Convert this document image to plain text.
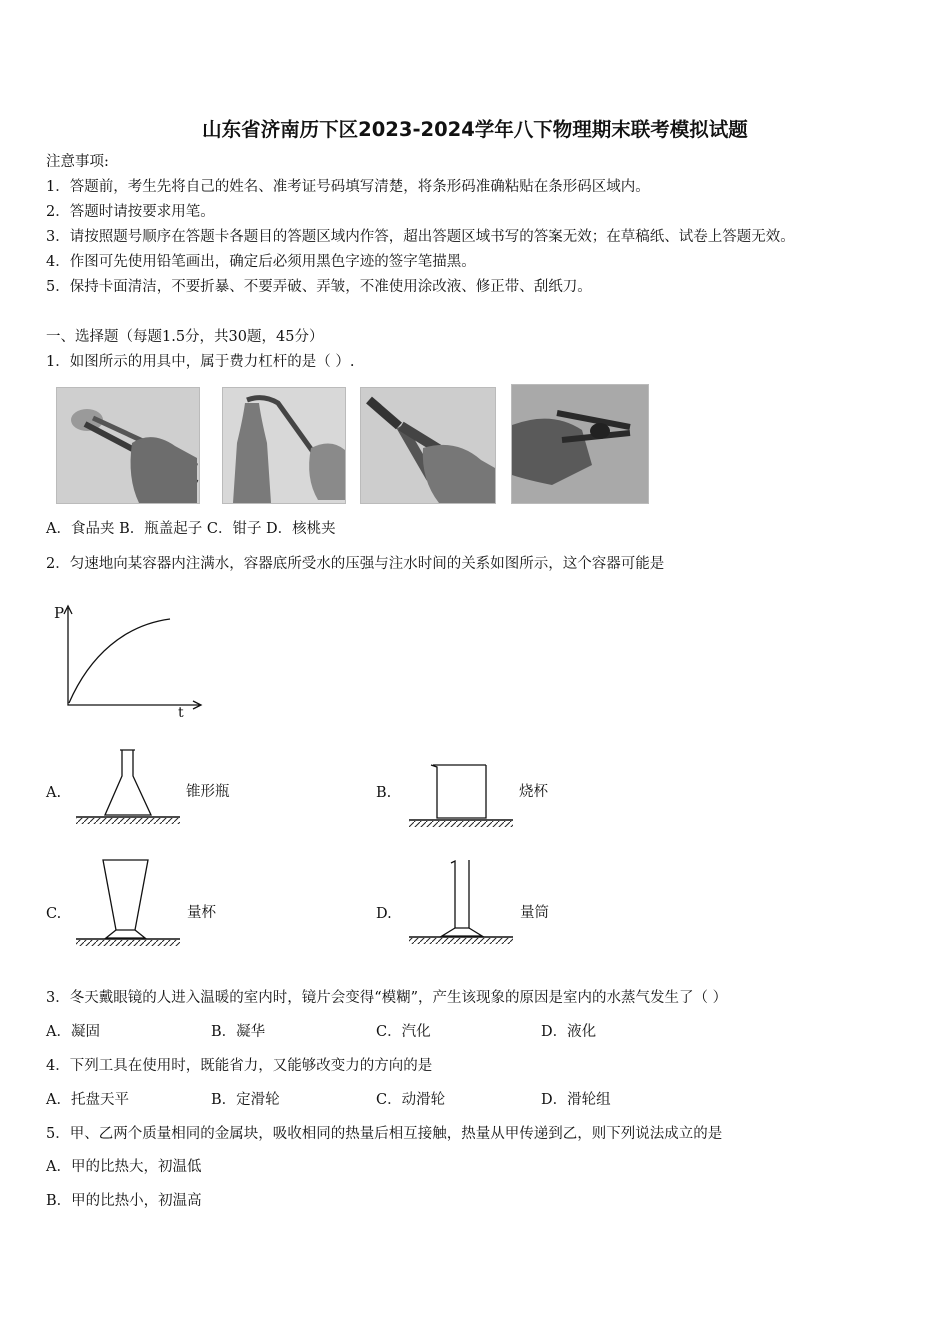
山东省济南历下区2023-2024学年八下物理期末联考模拟试题
注意事项:
1．答题前，考生先将自己的姓名、准考证号码填写清楚，将条形码准确粘贴在条形码区域内。
2．答题时请按要求用笔。
3．请按照题号顺序在答题卡各题目的答题区域内作答，超出答题区域书写的答案无效；在草稿纸、试卷上答题无效。
4．作图可先使用铅笔画出，确定后必须用黑色字迹的签字笔描黑。
5．保持卡面清洁，不要折暴、不要弄破、弄皱，不准使用涂改液、修正带、刮纸刀。
一、选择题（每题1.5分，共30题，45分）
1．如图所示的用具中，属于费力杠杆的是（ ）.
A．食品夹 B．瓶盖起子 C．钳子 D．核桃夹
2．匀速地向某容器内注满水，容器底所受水的压强与注水时间的关系如图所示，这个容器可能是
P
t
A.	锥形瓶	B.	烧杯
C.	量杯	D.	量筒
3．冬天戴眼镜的人进入温暖的室内时，镜片会变得“模糊”，产生该现象的原因是室内的水蒸气发生了（ ）
A．凝固	B．凝华	C．汽化	D．液化
4．下列工具在使用时，既能省力，又能够改变力的方向的是
A．托盘天平	B．定滑轮	C．动滑轮	D．滑轮组
5．甲、乙两个质量相同的金属块，吸收相同的热量后相互接触，热量从甲传递到乙，则下列说法成立的是
A．甲的比热大，初温低
B．甲的比热小，初温高
